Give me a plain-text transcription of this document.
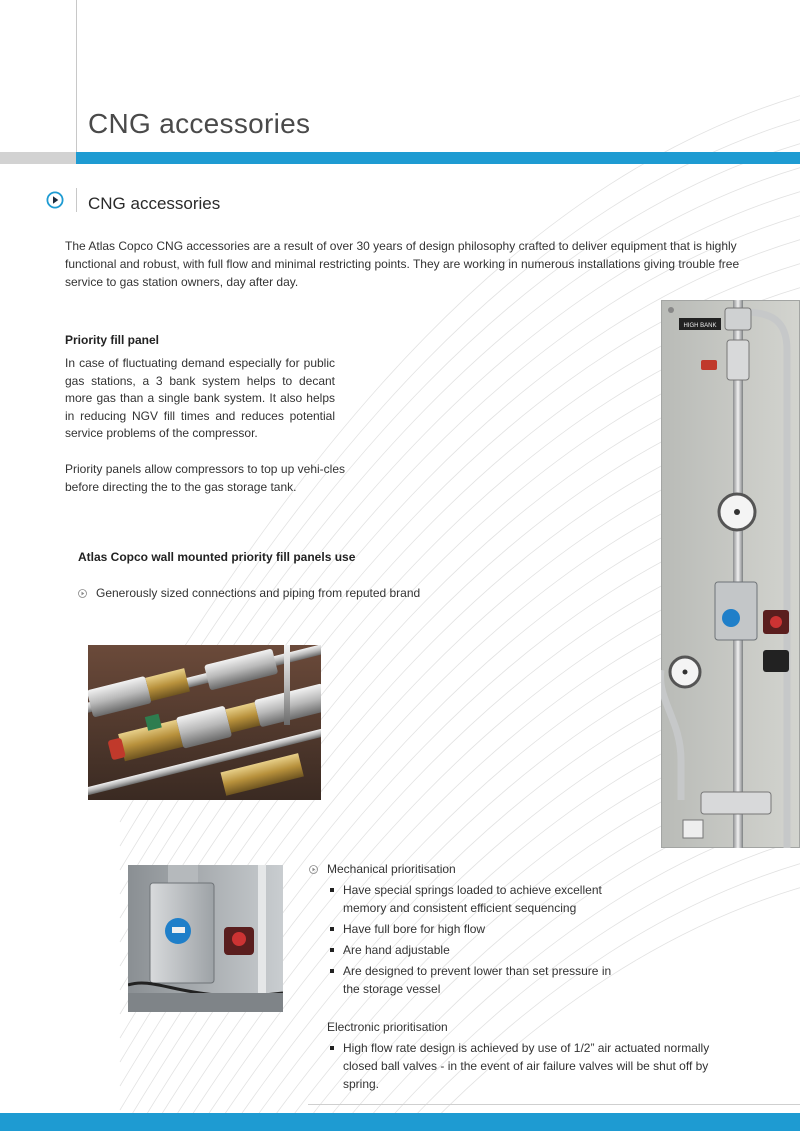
CNG accessories
CNG accessories

The Atlas Copco CNG accessories are a result of over 30 years of design philosophy crafted to deliver equipment that is highly functional and robust, with full flow and minimal restricting points. They are working in numerous installations giving trouble free service to gas station owners, day after day.

Priority fill panel

In case of fluctuating demand especially for public gas stations, a 3 bank system helps to decant more gas than a single bank system. It also helps in reducing NGV fill times and reduces potential service problems of the compressor.

Priority panels allow compressors to top up vehi-cles before directing the to the gas storage tank.

Atlas Copco wall mounted priority fill panels use
Generously sized connections and piping from reputed brand
HIGH BANK
Mechanical prioritisation
Have special springs loaded to achieve excellent memory and consistent efficient sequencing
Have full bore for high flow
Are hand adjustable
Are designed to prevent lower than set pressure in the storage vessel
Electronic prioritisation
High flow rate design is achieved by use of 1/2” air actuated normally closed ball valves - in the event of air failure valves will be shut off by spring.
